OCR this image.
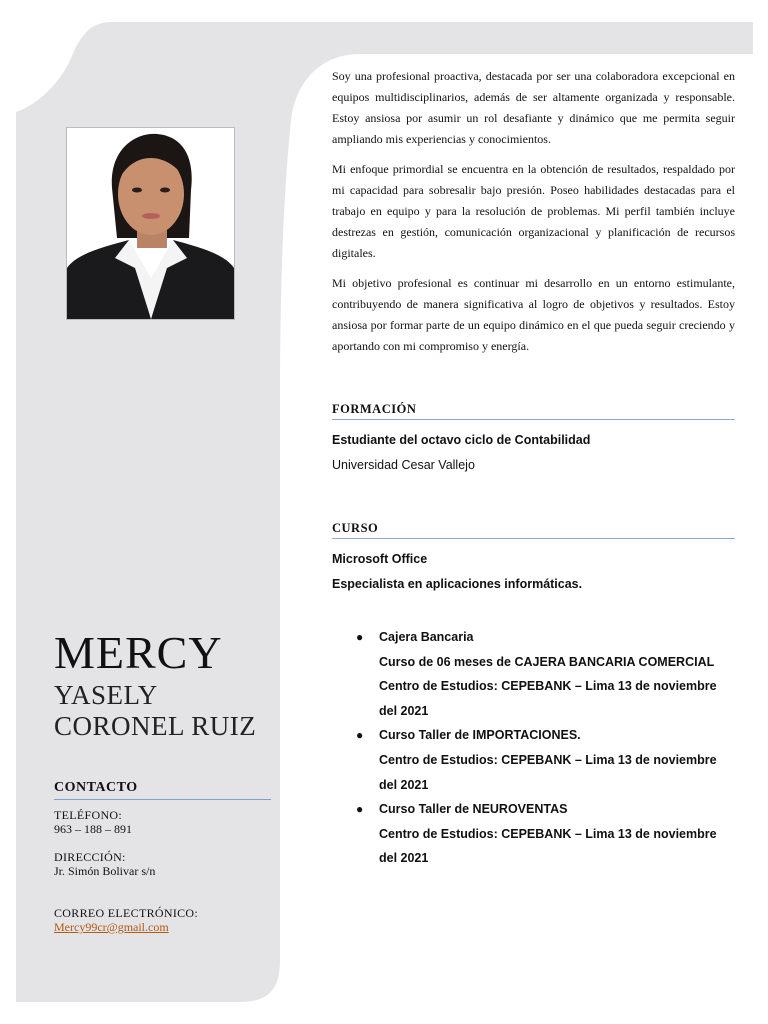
MERCY
YASELY
CORONEL RUIZ
CONTACTO
TELÉFONO:
963 – 188 – 891
DIRECCIÓN:
Jr. Simón Bolivar s/n
CORREO ELECTRÓNICO:
Mercy99cr@gmail.com

Soy una profesional proactiva, destacada por ser una colaboradora excepcional en equipos multidisciplinarios, además de ser altamente organizada y responsable. Estoy ansiosa por asumir un rol desafiante y dinámico que me permita seguir ampliando mis experiencias y conocimientos.

Mi enfoque primordial se encuentra en la obtención de resultados, respaldado por mi capacidad para sobresalir bajo presión. Poseo habilidades destacadas para el trabajo en equipo y para la resolución de problemas. Mi perfil también incluye destrezas en gestión, comunicación organizacional y planificación de recursos digitales.

Mi objetivo profesional es continuar mi desarrollo en un entorno estimulante, contribuyendo de manera significativa al logro de objetivos y resultados. Estoy ansiosa por formar parte de un equipo dinámico en el que pueda seguir creciendo y aportando con mi compromiso y energía.

FORMACIÓN
Estudiante del octavo ciclo de Contabilidad
Universidad Cesar Vallejo
CURSO
Microsoft Office
Especialista en aplicaciones informáticas.
● Cajera Bancaria
Curso de 06 meses de CAJERA BANCARIA COMERCIAL
Centro de Estudios: CEPEBANK – Lima 13 de noviembre del 2021
● Curso Taller de IMPORTACIONES.
Centro de Estudios: CEPEBANK – Lima 13 de noviembre del 2021
● Curso Taller de NEUROVENTAS
Centro de Estudios: CEPEBANK – Lima 13 de noviembre del 2021
